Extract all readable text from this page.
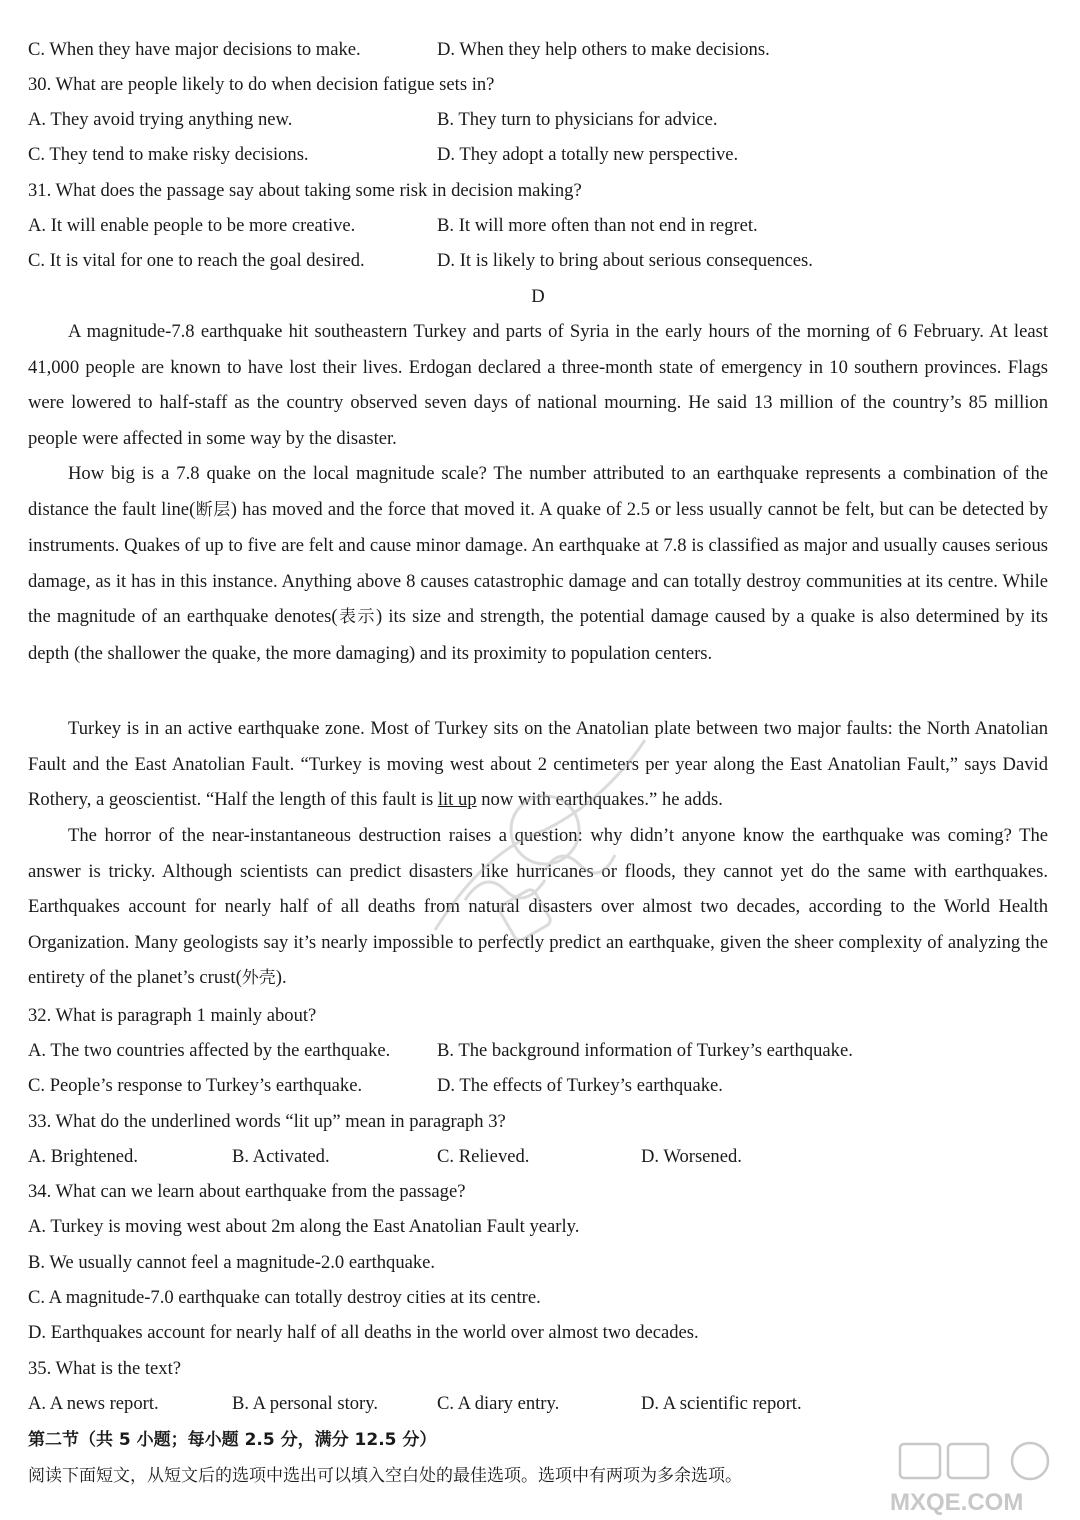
C. When they have major decisions to make.	D. When they help others to make decisions.
30. What are people likely to do when decision fatigue sets in?
A. They avoid trying anything new.	B. They turn to physicians for advice.
C. They tend to make risky decisions.	D. They adopt a totally new perspective.
31. What does the passage say about taking some risk in decision making?
A. It will enable people to be more creative.	B. It will more often than not end in regret.
C. It is vital for one to reach the goal desired.	D. It is likely to bring about serious consequences.
D
A magnitude-7.8 earthquake hit southeastern Turkey and parts of Syria in the early hours of the morning of 6 February. At least 41,000 people are known to have lost their lives. Erdogan declared a three-month state of emergency in 10 southern provinces. Flags were lowered to half-staff as the country observed seven days of national mourning. He said 13 million of the country’s 85 million people were affected in some way by the disaster.
How big is a 7.8 quake on the local magnitude scale? The number attributed to an earthquake represents a combination of the distance the fault line(断层) has moved and the force that moved it. A quake of 2.5 or less usually cannot be felt, but can be detected by instruments. Quakes of up to five are felt and cause minor damage. An earthquake at 7.8 is classified as major and usually causes serious damage, as it has in this instance. Anything above 8 causes catastrophic damage and can totally destroy communities at its centre. While the magnitude of an earthquake denotes(表示) its size and strength, the potential damage caused by a quake is also determined by its depth (the shallower the quake, the more damaging) and its proximity to population centers.
Turkey is in an active earthquake zone. Most of Turkey sits on the Anatolian plate between two major faults: the North Anatolian Fault and the East Anatolian Fault. “Turkey is moving west about 2 centimeters per year along the East Anatolian Fault,” says David Rothery, a geoscientist. “Half the length of this fault is lit up now with earthquakes.” he adds.
The horror of the near-instantaneous destruction raises a question: why didn’t anyone know the earthquake was coming? The answer is tricky. Although scientists can predict disasters like hurricanes or floods, they cannot yet do the same with earthquakes. Earthquakes account for nearly half of all deaths from natural disasters over almost two decades, according to the World Health Organization. Many geologists say it’s nearly impossible to perfectly predict an earthquake, given the sheer complexity of analyzing the entirety of the planet’s crust(外壳).
32. What is paragraph 1 mainly about?
A. The two countries affected by the earthquake.	B. The background information of Turkey’s earthquake.
C. People’s response to Turkey’s earthquake.	D. The effects of Turkey’s earthquake.
33. What do the underlined words “lit up” mean in paragraph 3?
A. Brightened.	B. Activated.	C. Relieved.	D. Worsened.
34. What can we learn about earthquake from the passage?
A. Turkey is moving west about 2m along the East Anatolian Fault yearly.
B. We usually cannot feel a magnitude-2.0 earthquake.
C. A magnitude-7.0 earthquake can totally destroy cities at its centre.
D. Earthquakes account for nearly half of all deaths in the world over almost two decades.
35. What is the text?
A. A news report.	B. A personal story.	C. A diary entry.	D. A scientific report.
第二节（共 5 小题；每小题 2.5 分，满分 12.5 分）
阅读下面短文，从短文后的选项中选出可以填入空白处的最佳选项。选项中有两项为多余选项。
MXQE.COM
